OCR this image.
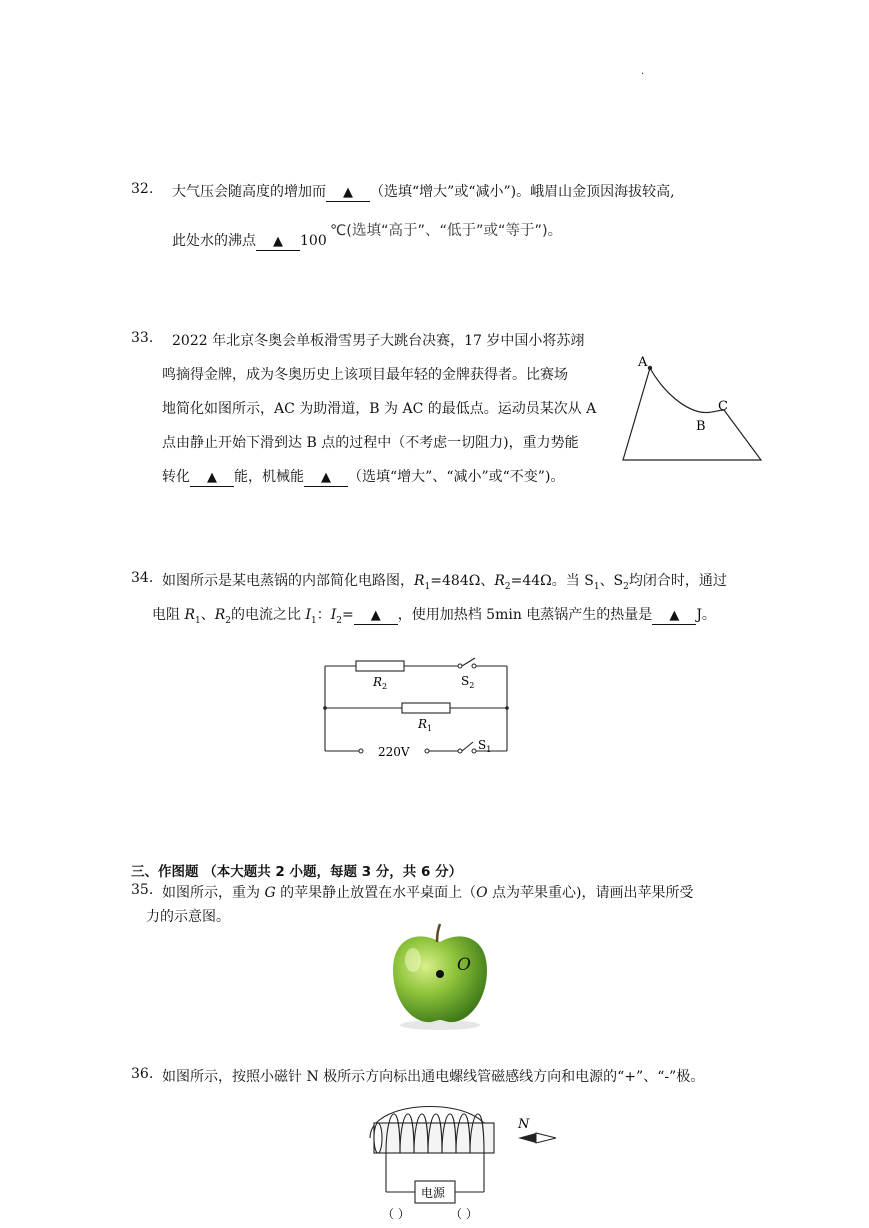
.
32. 大气压会随高度的增加而 ▲ （选填“增大”或“减小”)。峨眉山金顶因海拔较高,
此处水的沸点 ▲ 100
℃(选填“高于”、“低于”或“等于”)。
33. 2022 年北京冬奥会单板滑雪男子大跳台决赛，17 岁中国小将苏翊
鸣摘得金牌，成为冬奥历史上该项目最年轻的金牌获得者。比赛场
地简化如图所示，AC 为助滑道，B 为 AC 的最低点。运动员某次从 A
点由静止开始下滑到达 B 点的过程中（不考虑一切阻力)，重力势能
转化 ▲ 能，机械能 ▲ （选填“增大”、“减小”或“不变”)。
A
B
C
34. 如图所示是某电蒸锅的内部简化电路图，$R_1=484\Omega$、$R_2=44\Omega$。当 $S_1$、$S_2$均闭合时，通过
电阻 $R_1$、$R_2$的电流之比 $I_1$：$I_2=$ ▲ ，使用加热档 5min 电蒸锅产生的热量是 ▲ J。
$R_2$
$R_1$
$S_2$
$S_1$
220V
三、作图题 （本大题共 2 小题，每题 3 分，共 6 分）
35. 如图所示，重为 G 的苹果静止放置在水平桌面上（O 点为苹果重心)，请画出苹果所受
力的示意图。
O
36. 如图所示，按照小磁针 N 极所示方向标出通电螺线管磁感线方向和电源的“+”、“-”极。
N
电源
（ ）	（ ）
